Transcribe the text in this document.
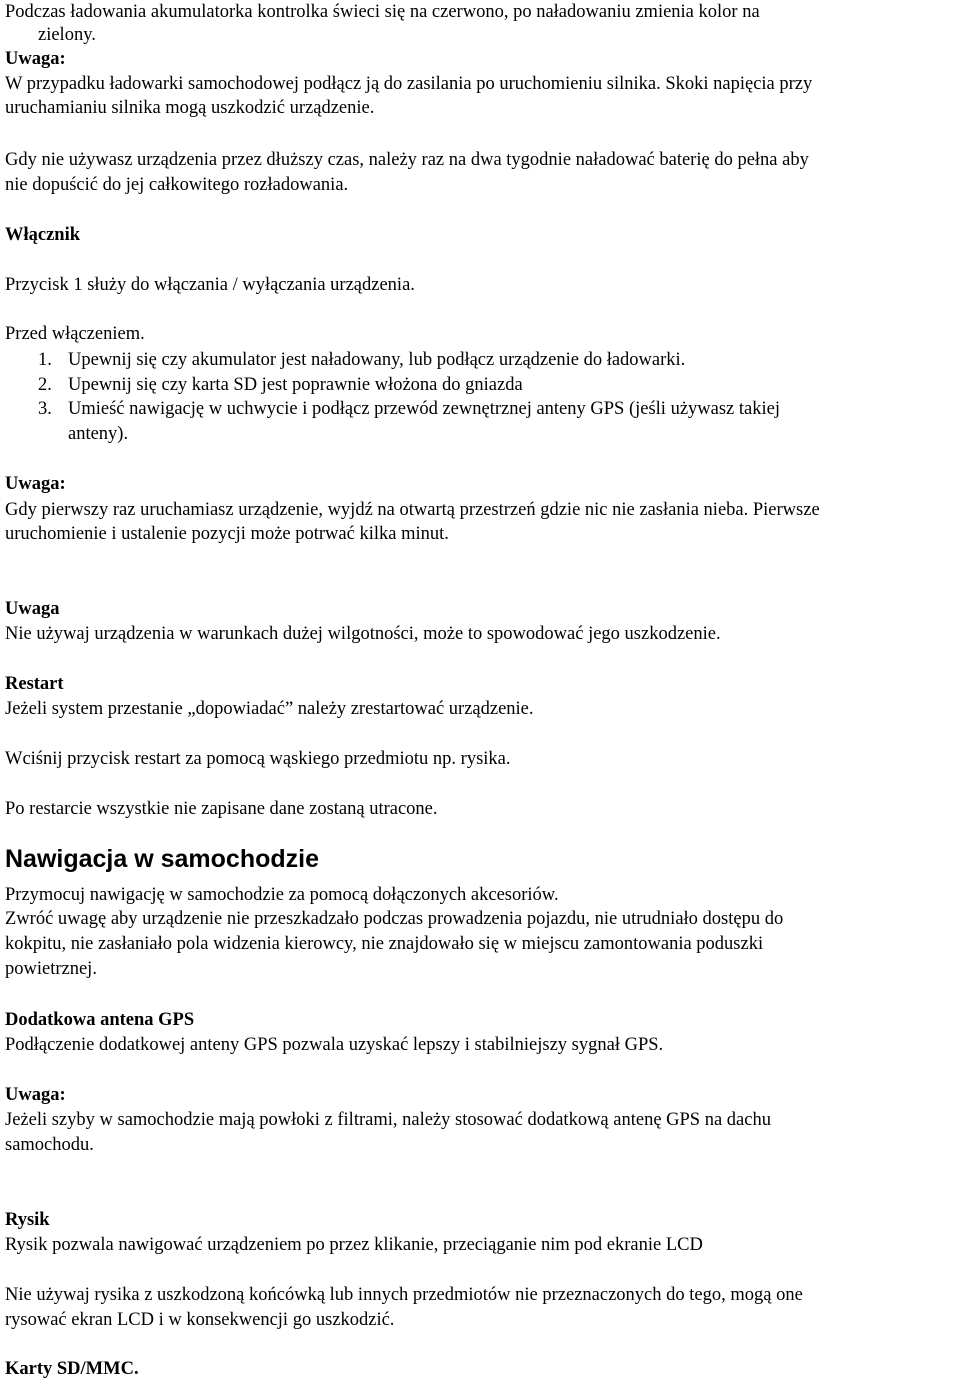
Podczas ładowania akumulatorka kontrolka świeci się na czerwono, po naładowaniu zmienia kolor na
zielony.
Uwaga:
W przypadku ładowarki samochodowej podłącz ją do zasilania po uruchomieniu silnika. Skoki napięcia przy
uruchamianiu silnika mogą uszkodzić urządzenie.
Gdy nie używasz urządzenia przez dłuższy czas, należy raz na dwa tygodnie naładować baterię do pełna aby
nie dopuścić do jej całkowitego rozładowania.
Włącznik
Przycisk 1 służy do włączania / wyłączania urządzenia.
Przed włączeniem.
1. Upewnij się czy akumulator jest naładowany, lub podłącz urządzenie do ładowarki.
2. Upewnij się czy karta SD jest poprawnie włożona do gniazda
3. Umieść nawigację w uchwycie i podłącz przewód zewnętrznej anteny GPS (jeśli używasz takiej
anteny).
Uwaga:
Gdy pierwszy raz uruchamiasz urządzenie, wyjdź na otwartą przestrzeń gdzie nic nie zasłania nieba. Pierwsze
uruchomienie i ustalenie pozycji może potrwać kilka minut.
Uwaga
Nie używaj urządzenia w warunkach dużej wilgotności, może to spowodować jego uszkodzenie.
Restart
Jeżeli system przestanie „dopowiadać” należy zrestartować urządzenie.
Wciśnij przycisk restart za pomocą wąskiego przedmiotu np. rysika.
Po restarcie wszystkie nie zapisane dane zostaną utracone.
Nawigacja w samochodzie
Przymocuj nawigację w samochodzie za pomocą dołączonych akcesoriów.
Zwróć uwagę aby urządzenie nie przeszkadzało podczas prowadzenia pojazdu, nie utrudniało dostępu do
kokpitu, nie zasłaniało pola widzenia kierowcy, nie znajdowało się w miejscu zamontowania poduszki
powietrznej.
Dodatkowa antena GPS
Podłączenie dodatkowej anteny GPS pozwala uzyskać lepszy i stabilniejszy sygnał GPS.
Uwaga:
Jeżeli szyby w samochodzie mają powłoki z filtrami, należy stosować dodatkową antenę GPS na dachu
samochodu.
Rysik
Rysik pozwala nawigować urządzeniem po przez klikanie, przeciąganie nim pod ekranie LCD
Nie używaj rysika z uszkodzoną końcówką lub innych przedmiotów nie przeznaczonych do tego, mogą one
rysować ekran LCD i w konsekwencji go uszkodzić.
Karty SD/MMC.
